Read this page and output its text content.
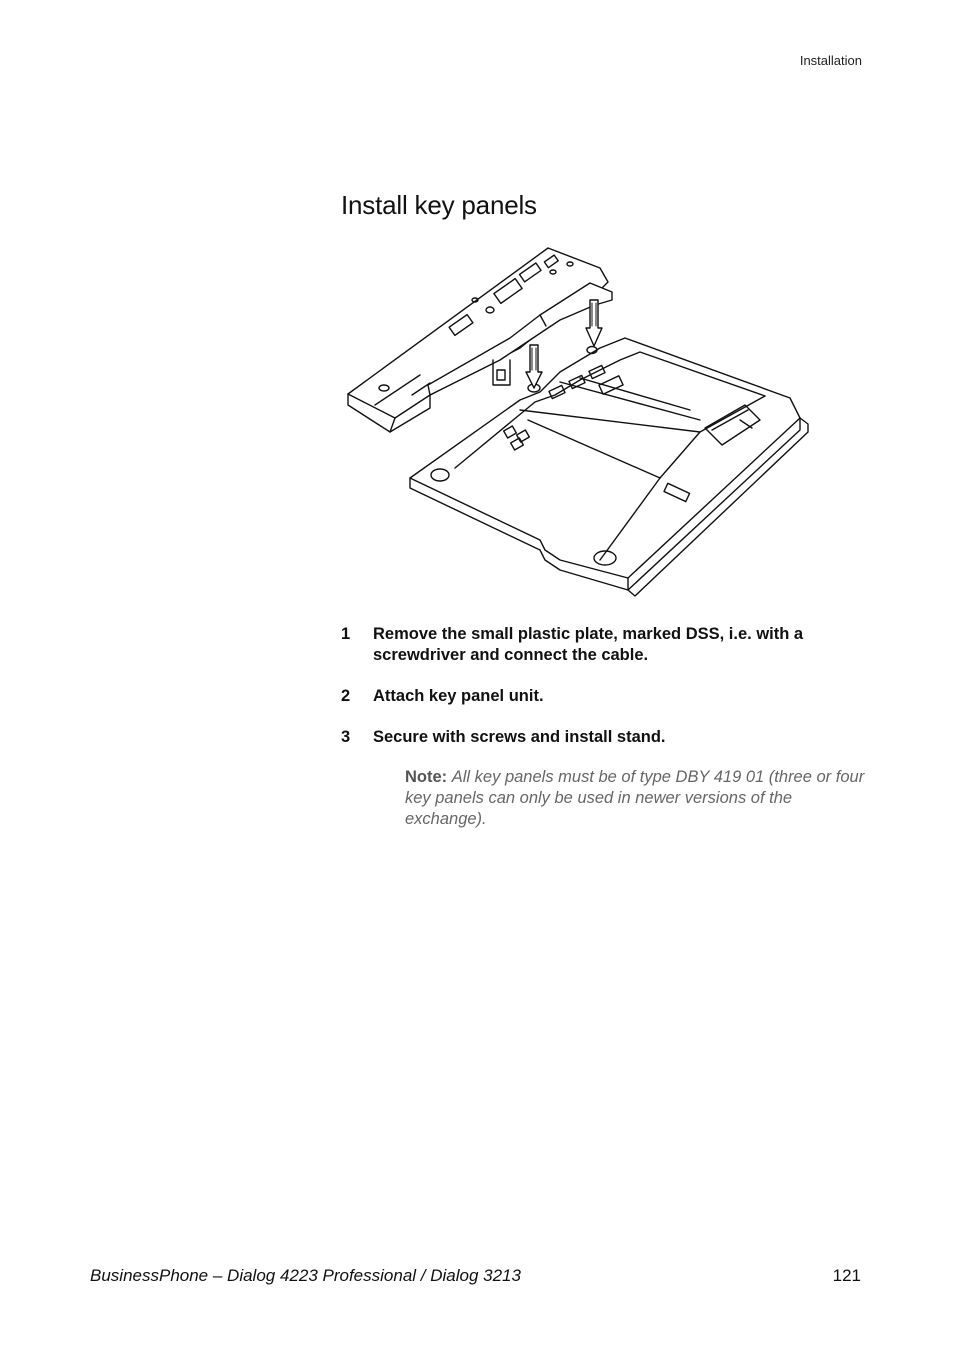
Installation
Install key panels
1	Remove the small plastic plate, marked DSS, i.e. with a screwdriver and connect the cable.
2	Attach key panel unit.
3	Secure with screws and install stand.
Note: All key panels must be of type DBY 419 01 (three or four key panels can only be used in newer versions of the exchange).
BusinessPhone – Dialog 4223 Professional / Dialog 3213	121
